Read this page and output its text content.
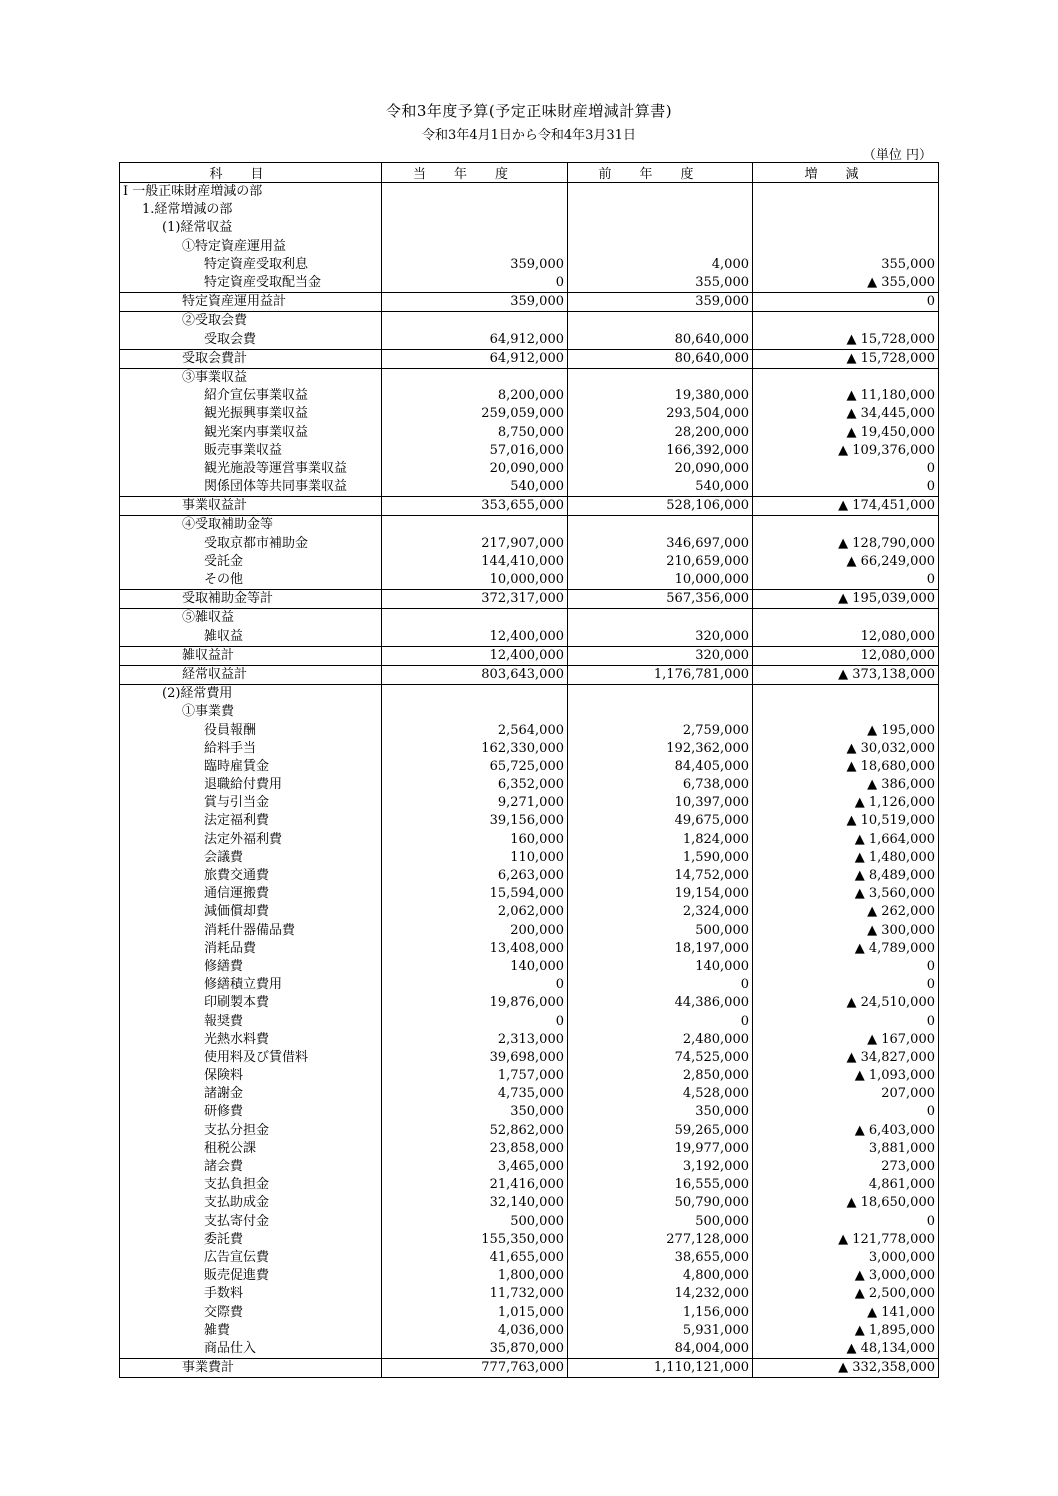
令和3年度予算(予定正味財産増減計算書)
令和3年4月1日から令和4年3月31日
（単位 円）
科目	当年度	前年度	増減
Ⅰ 一般正味財産増減の部			
1.経常増減の部			
(1)経常収益			
①特定資産運用益			
特定資産受取利息	359,000	4,000	355,000
特定資産受取配当金	0	355,000	▲ 355,000
特定資産運用益計	359,000	359,000	0
②受取会費			
受取会費	64,912,000	80,640,000	▲ 15,728,000
受取会費計	64,912,000	80,640,000	▲ 15,728,000
③事業収益			
紹介宣伝事業収益	8,200,000	19,380,000	▲ 11,180,000
観光振興事業収益	259,059,000	293,504,000	▲ 34,445,000
観光案内事業収益	8,750,000	28,200,000	▲ 19,450,000
販売事業収益	57,016,000	166,392,000	▲ 109,376,000
観光施設等運営事業収益	20,090,000	20,090,000	0
関係団体等共同事業収益	540,000	540,000	0
事業収益計	353,655,000	528,106,000	▲ 174,451,000
④受取補助金等			
受取京都市補助金	217,907,000	346,697,000	▲ 128,790,000
受託金	144,410,000	210,659,000	▲ 66,249,000
その他	10,000,000	10,000,000	0
受取補助金等計	372,317,000	567,356,000	▲ 195,039,000
⑤雑収益			
雑収益	12,400,000	320,000	12,080,000
雑収益計	12,400,000	320,000	12,080,000
経常収益計	803,643,000	1,176,781,000	▲ 373,138,000
(2)経常費用			
①事業費			
役員報酬	2,564,000	2,759,000	▲ 195,000
給料手当	162,330,000	192,362,000	▲ 30,032,000
臨時雇賃金	65,725,000	84,405,000	▲ 18,680,000
退職給付費用	6,352,000	6,738,000	▲ 386,000
賞与引当金	9,271,000	10,397,000	▲ 1,126,000
法定福利費	39,156,000	49,675,000	▲ 10,519,000
法定外福利費	160,000	1,824,000	▲ 1,664,000
会議費	110,000	1,590,000	▲ 1,480,000
旅費交通費	6,263,000	14,752,000	▲ 8,489,000
通信運搬費	15,594,000	19,154,000	▲ 3,560,000
減価償却費	2,062,000	2,324,000	▲ 262,000
消耗什器備品費	200,000	500,000	▲ 300,000
消耗品費	13,408,000	18,197,000	▲ 4,789,000
修繕費	140,000	140,000	0
修繕積立費用	0	0	0
印刷製本費	19,876,000	44,386,000	▲ 24,510,000
報奨費	0	0	0
光熱水料費	2,313,000	2,480,000	▲ 167,000
使用料及び賃借料	39,698,000	74,525,000	▲ 34,827,000
保険料	1,757,000	2,850,000	▲ 1,093,000
諸謝金	4,735,000	4,528,000	207,000
研修費	350,000	350,000	0
支払分担金	52,862,000	59,265,000	▲ 6,403,000
租税公課	23,858,000	19,977,000	3,881,000
諸会費	3,465,000	3,192,000	273,000
支払負担金	21,416,000	16,555,000	4,861,000
支払助成金	32,140,000	50,790,000	▲ 18,650,000
支払寄付金	500,000	500,000	0
委託費	155,350,000	277,128,000	▲ 121,778,000
広告宣伝費	41,655,000	38,655,000	3,000,000
販売促進費	1,800,000	4,800,000	▲ 3,000,000
手数料	11,732,000	14,232,000	▲ 2,500,000
交際費	1,015,000	1,156,000	▲ 141,000
雑費	4,036,000	5,931,000	▲ 1,895,000
商品仕入	35,870,000	84,004,000	▲ 48,134,000
事業費計	777,763,000	1,110,121,000	▲ 332,358,000
